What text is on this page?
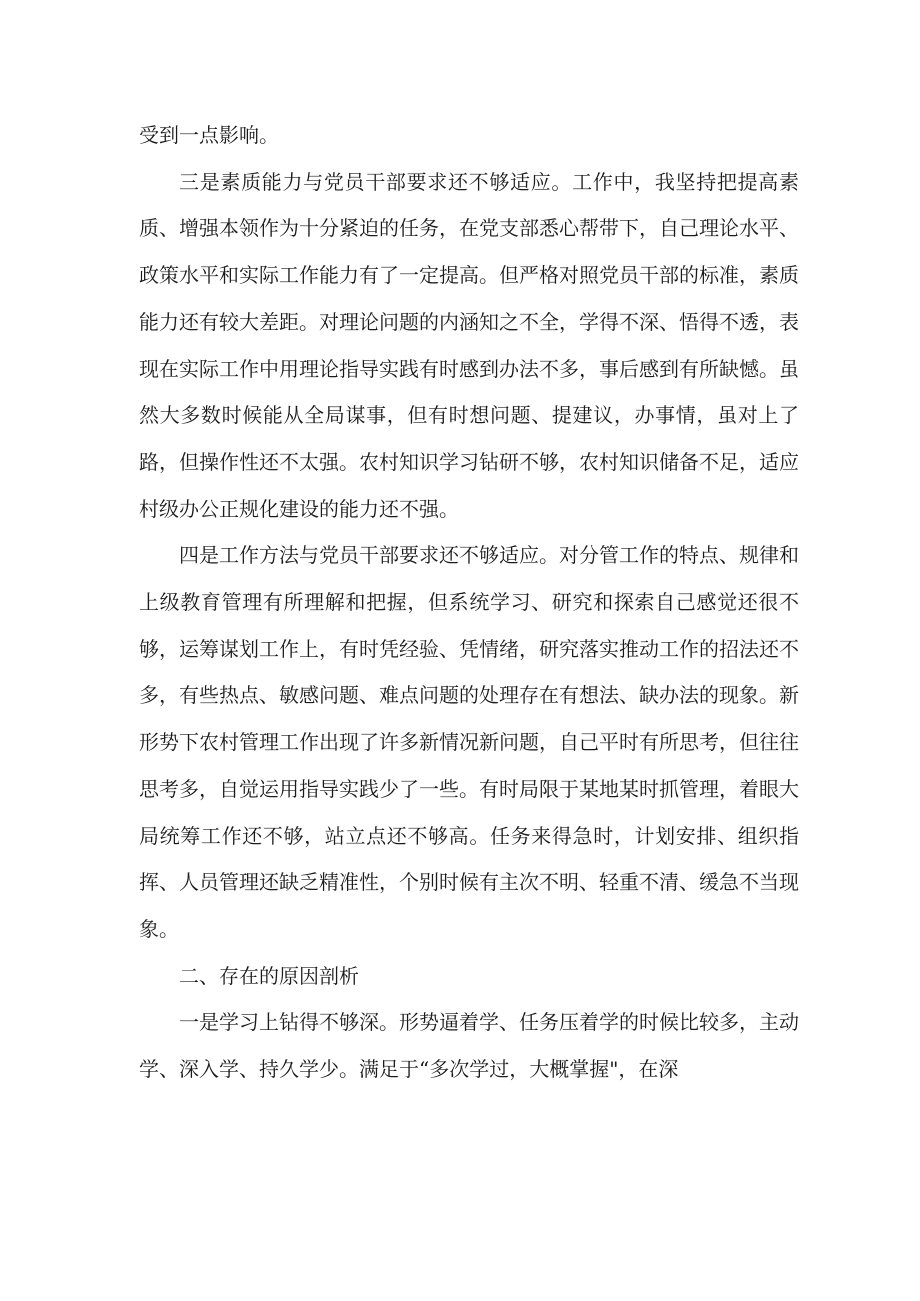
受到一点影响。

三是素质能力与党员干部要求还不够适应。工作中，我坚持把提高素质、增强本领作为十分紧迫的任务，在党支部悉心帮带下，自己理论水平、政策水平和实际工作能力有了一定提高。但严格对照党员干部的标准，素质能力还有较大差距。对理论问题的内涵知之不全，学得不深、悟得不透，表现在实际工作中用理论指导实践有时感到办法不多，事后感到有所缺憾。虽然大多数时候能从全局谋事，但有时想问题、提建议，办事情，虽对上了路，但操作性还不太强。农村知识学习钻研不够，农村知识储备不足，适应村级办公正规化建设的能力还不强。

四是工作方法与党员干部要求还不够适应。对分管工作的特点、规律和上级教育管理有所理解和把握，但系统学习、研究和探索自己感觉还很不够，运筹谋划工作上，有时凭经验、凭情绪，研究落实推动工作的招法还不多，有些热点、敏感问题、难点问题的处理存在有想法、缺办法的现象。新形势下农村管理工作出现了许多新情况新问题，自己平时有所思考，但往往思考多，自觉运用指导实践少了一些。有时局限于某地某时抓管理，着眼大局统筹工作还不够，站立点还不够高。任务来得急时，计划安排、组织指挥、人员管理还缺乏精准性，个别时候有主次不明、轻重不清、缓急不当现象。

二、存在的原因剖析

一是学习上钻得不够深。形势逼着学、任务压着学的时候比较多，主动学、深入学、持久学少。满足于“多次学过，大概掌握"，在深
